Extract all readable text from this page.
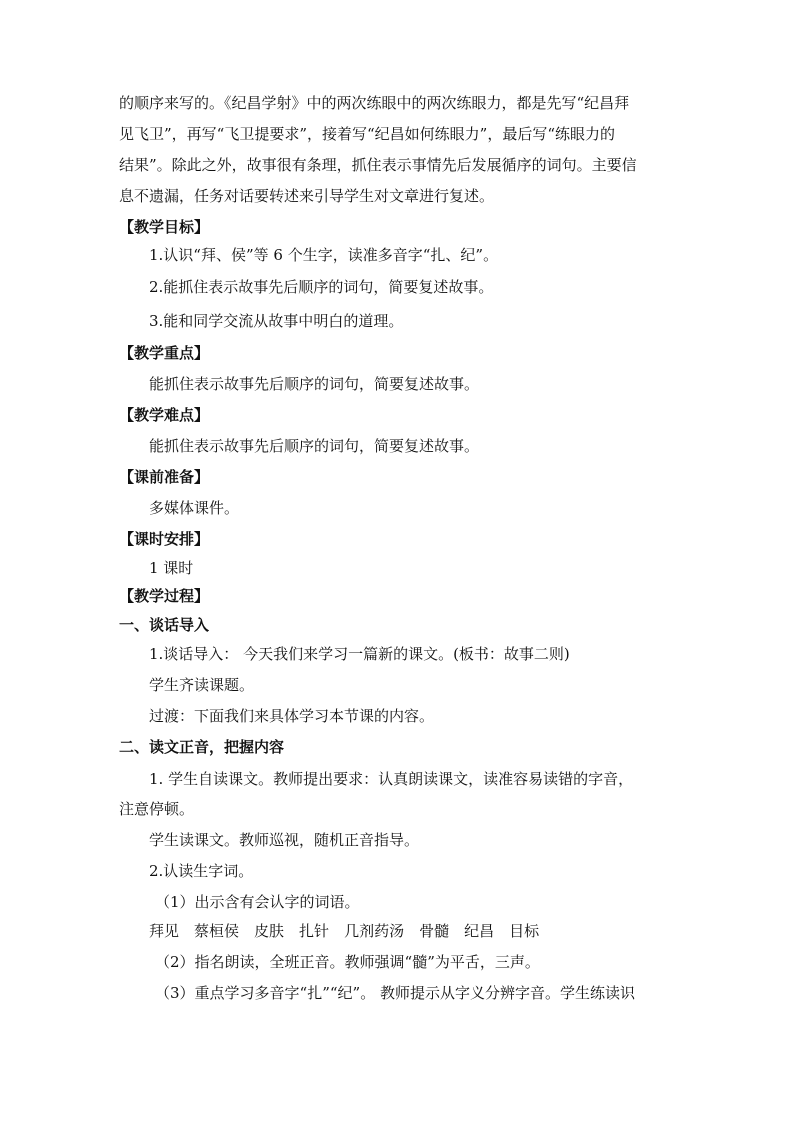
的顺序来写的。《纪昌学射》中的两次练眼中的两次练眼力，都是先写“纪昌拜
见飞卫”，再写“飞卫提要求”，接着写“纪昌如何练眼力”，最后写“练眼力的
结果”。除此之外，故事很有条理，抓住表示事情先后发展循序的词句。主要信
息不遗漏，任务对话要转述来引导学生对文章进行复述。
【教学目标】
1.认识“拜、侯”等 6 个生字，读准多音字“扎、纪”。
2.能抓住表示故事先后顺序的词句，简要复述故事。
3.能和同学交流从故事中明白的道理。
【教学重点】
能抓住表示故事先后顺序的词句，简要复述故事。
【教学难点】
能抓住表示故事先后顺序的词句，简要复述故事。
【课前准备】
多媒体课件。
【课时安排】
1 课时
【教学过程】
一、谈话导入
1.谈话导入： 今天我们来学习一篇新的课文。(板书：故事二则)
学生齐读课题。
过渡：下面我们来具体学习本节课的内容。
二、读文正音，把握内容
1. 学生自读课文。教师提出要求：认真朗读课文，读准容易读错的字音，
注意停顿。
学生读课文。教师巡视，随机正音指导。
2.认读生字词。
（1）出示含有会认字的词语。
拜见 蔡桓侯 皮肤 扎针 几剂药汤 骨髓 纪昌 目标
（2）指名朗读，全班正音。教师强调“髓”为平舌，三声。
（3）重点学习多音字“扎”“纪”。 教师提示从字义分辨字音。学生练读识
